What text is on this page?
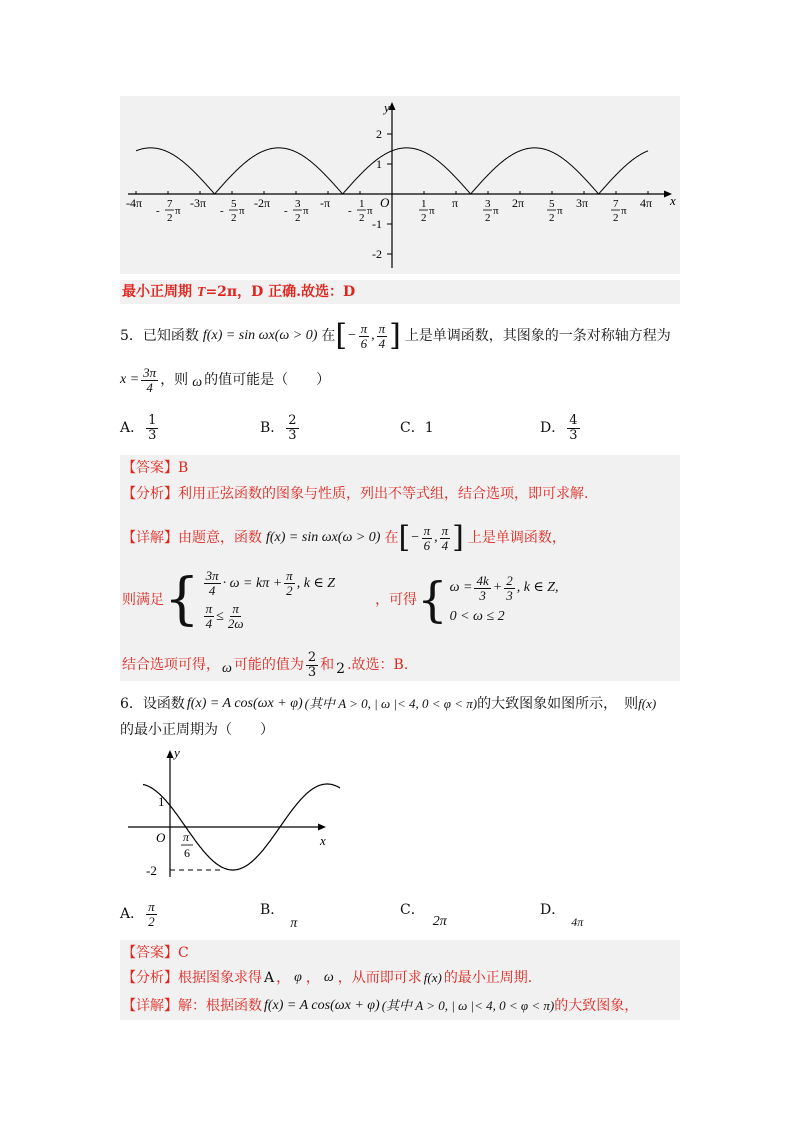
y
x
O
2
1
-1
-2
-4π	-3π	-2π	-π	π	2π	3π	4π
-
7
2
π	-
5
2
π	-
3
2
π	-
1
2
π
1
2
π
3
2
π
5
2
π
7
2
π
最小正周期 T=2π，D 正确.故选：D
5． 已知函数 f(x) = sin ωx(ω > 0) 在 [ − $\frac{\pi}{6}$ , $\frac{\pi}{4}$ ] 上是单调函数，其图象的一条对称轴方程为
$x = \frac{3\pi}{4}$ ，则 ω 的值可能是（　　）
A． $\frac{1}{3}$	B． $\frac{2}{3}$	C． 1	D． $\frac{4}{3}$
【答案】B
【分析】利用正弦函数的图象与性质，列出不等式组，结合选项，即可求解.
【详解】 由题意，函数 f(x) = sin ωx(ω > 0) 在 [ − $\frac{\pi}{6}$ , $\frac{\pi}{4}$ ] 上是单调函数，
则满足 { $\frac{3\pi}{4} \cdot \omega = k\pi + \frac{\pi}{2}$ , k ∈ Z
$\frac{\pi}{4} \le \frac{\pi}{2\omega}$
，可得 { $\omega = \frac{4k}{3} + \frac{2}{3}$ , k ∈ Z,
0 < ω ≤ 2
结合选项可得， ω 可能的值为 $\frac{2}{3}$ 和 2 .故选：B.
6． 设函数 f(x) = A cos(ωx + φ) (其中 A > 0, | ω |< 4, 0 < φ < π) 的大致图象如图所示，　则 f(x)
的最小正周期为（　　）
y
x
O
1
-2
π
6
A． $\frac{\pi}{2}$	B．
π
C．
2π
D．
4π
【答案】C
【分析】 根据图象求得 A ， φ ， ω ，从而即可求 f(x) 的最小正周期.
【详解】 解：根据函数 f(x) = A cos(ωx + φ) (其中 A > 0, | ω |< 4, 0 < φ < π) 的大致图象，
